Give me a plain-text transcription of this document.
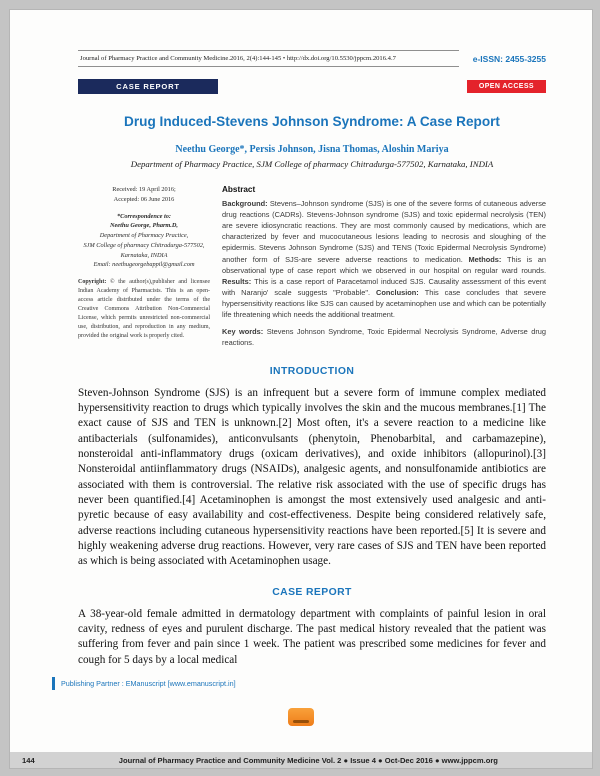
Journal of Pharmacy Practice and Community Medicine.2016, 2(4):144-145 • http://dx.doi.org/10.5530/jppcm.2016.4.7	e-ISSN: 2455-3255
CASE REPORT	OPEN ACCESS
Drug Induced-Stevens Johnson Syndrome: A Case Report
Neethu George*, Persis Johnson, Jisna Thomas, Aloshin Mariya
Department of Pharmacy Practice, SJM College of pharmacy Chitradurga-577502, Karnataka, INDIA
Received: 19 April 2016;
Accepted: 06 June 2016
*Correspondence to:
Neethu George, Pharm.D,
Department of Pharmacy Practice,
SJM College of pharmacy Chitradurga-577502,
Karnataka, INDIA
Email: neethugeorgebappil@gmail.com
Copyright: © the author(s),publisher and licensee Indian Academy of Pharmacists. This is an open-access article distributed under the terms of the Creative Commons Attribution Non-Commercial License, which permits unrestricted non-commercial use, distribution, and reproduction in any medium, provided the original work is properly cited.
Abstract
Background: Stevens–Johnson syndrome (SJS) is one of the severe forms of cutaneous adverse drug reactions (CADRs). Stevens-Johnson syndrome (SJS) and toxic epidermal necrolysis (TEN) are severe idiosyncratic reactions. They are most commonly caused by medications, which are characterized by fever and mucocutaneous lesions leading to necrosis and sloughing of the epidermis. Stevens Johnson Syndrome (SJS) and TENS (Toxic Epidermal Necrolysis Syndrome) another form of SJS-are severe adverse reactions to medication. Methods: This is an observational type of case report which we observed in our hospital on regular ward rounds. Results: This is a case report of Paracetamol induced SJS. Causality assessment of this event with Naranjo' scale suggests "Probable". Conclusion: This case concludes that severe hypersensitivity reactions like SJS can caused by acetaminophen use and which can be potentially life threatening which needs the additional treatment.
Key words: Stevens Johnson Syndrome, Toxic Epidermal Necrolysis Syndrome, Adverse drug reactions.
INTRODUCTION
Steven-Johnson Syndrome (SJS) is an infrequent but a severe form of immune complex mediated hypersensitivity reaction to drugs which typically involves the skin and the mucous membranes.[1] The exact cause of SJS and TEN is unknown.[2] Most often, it's a severe reaction to a medicine like antibacterials (sulfonamides), anticonvulsants (phenytoin, Phenobarbital, and carbamazepine), nonsteroidal anti-inflammatory drugs (oxicam derivatives), and oxide inhibitors (allopurinol).[3] Nonsteroidal antiinflammatory drugs (NSAIDs), analgesic agents, and nonsulfonamide antibiotics are associated with them is controversial. The relative risk associated with the use of specific drugs has never been quantified.[4] Acetaminophen is amongst the most extensively used analgesic and anti-pyretic because of easy availability and cost-effectiveness. Despite being considered relatively safe, adverse reactions including cutaneous hypersensitivity reactions have been reported.[5] It is severe and highly weakening adverse drug reactions. However, very rare cases of SJS and TEN have been reported as which is being associated with Acetaminophen usage.
CASE REPORT
A 38-year-old female admitted in dermatology department with complaints of painful lesion in oral cavity, redness of eyes and purulent discharge. The past medical history revealed that the patient was suffering from fever and pain since 1 week. The patient was prescribed some medicines for fever and cough for 5 days by a local medical
Publishing Partner : EManuscript [www.emanuscript.in]
144	Journal of Pharmacy Practice and Community Medicine Vol. 2 ● Issue 4 ● Oct-Dec 2016 ● www.jppcm.org
